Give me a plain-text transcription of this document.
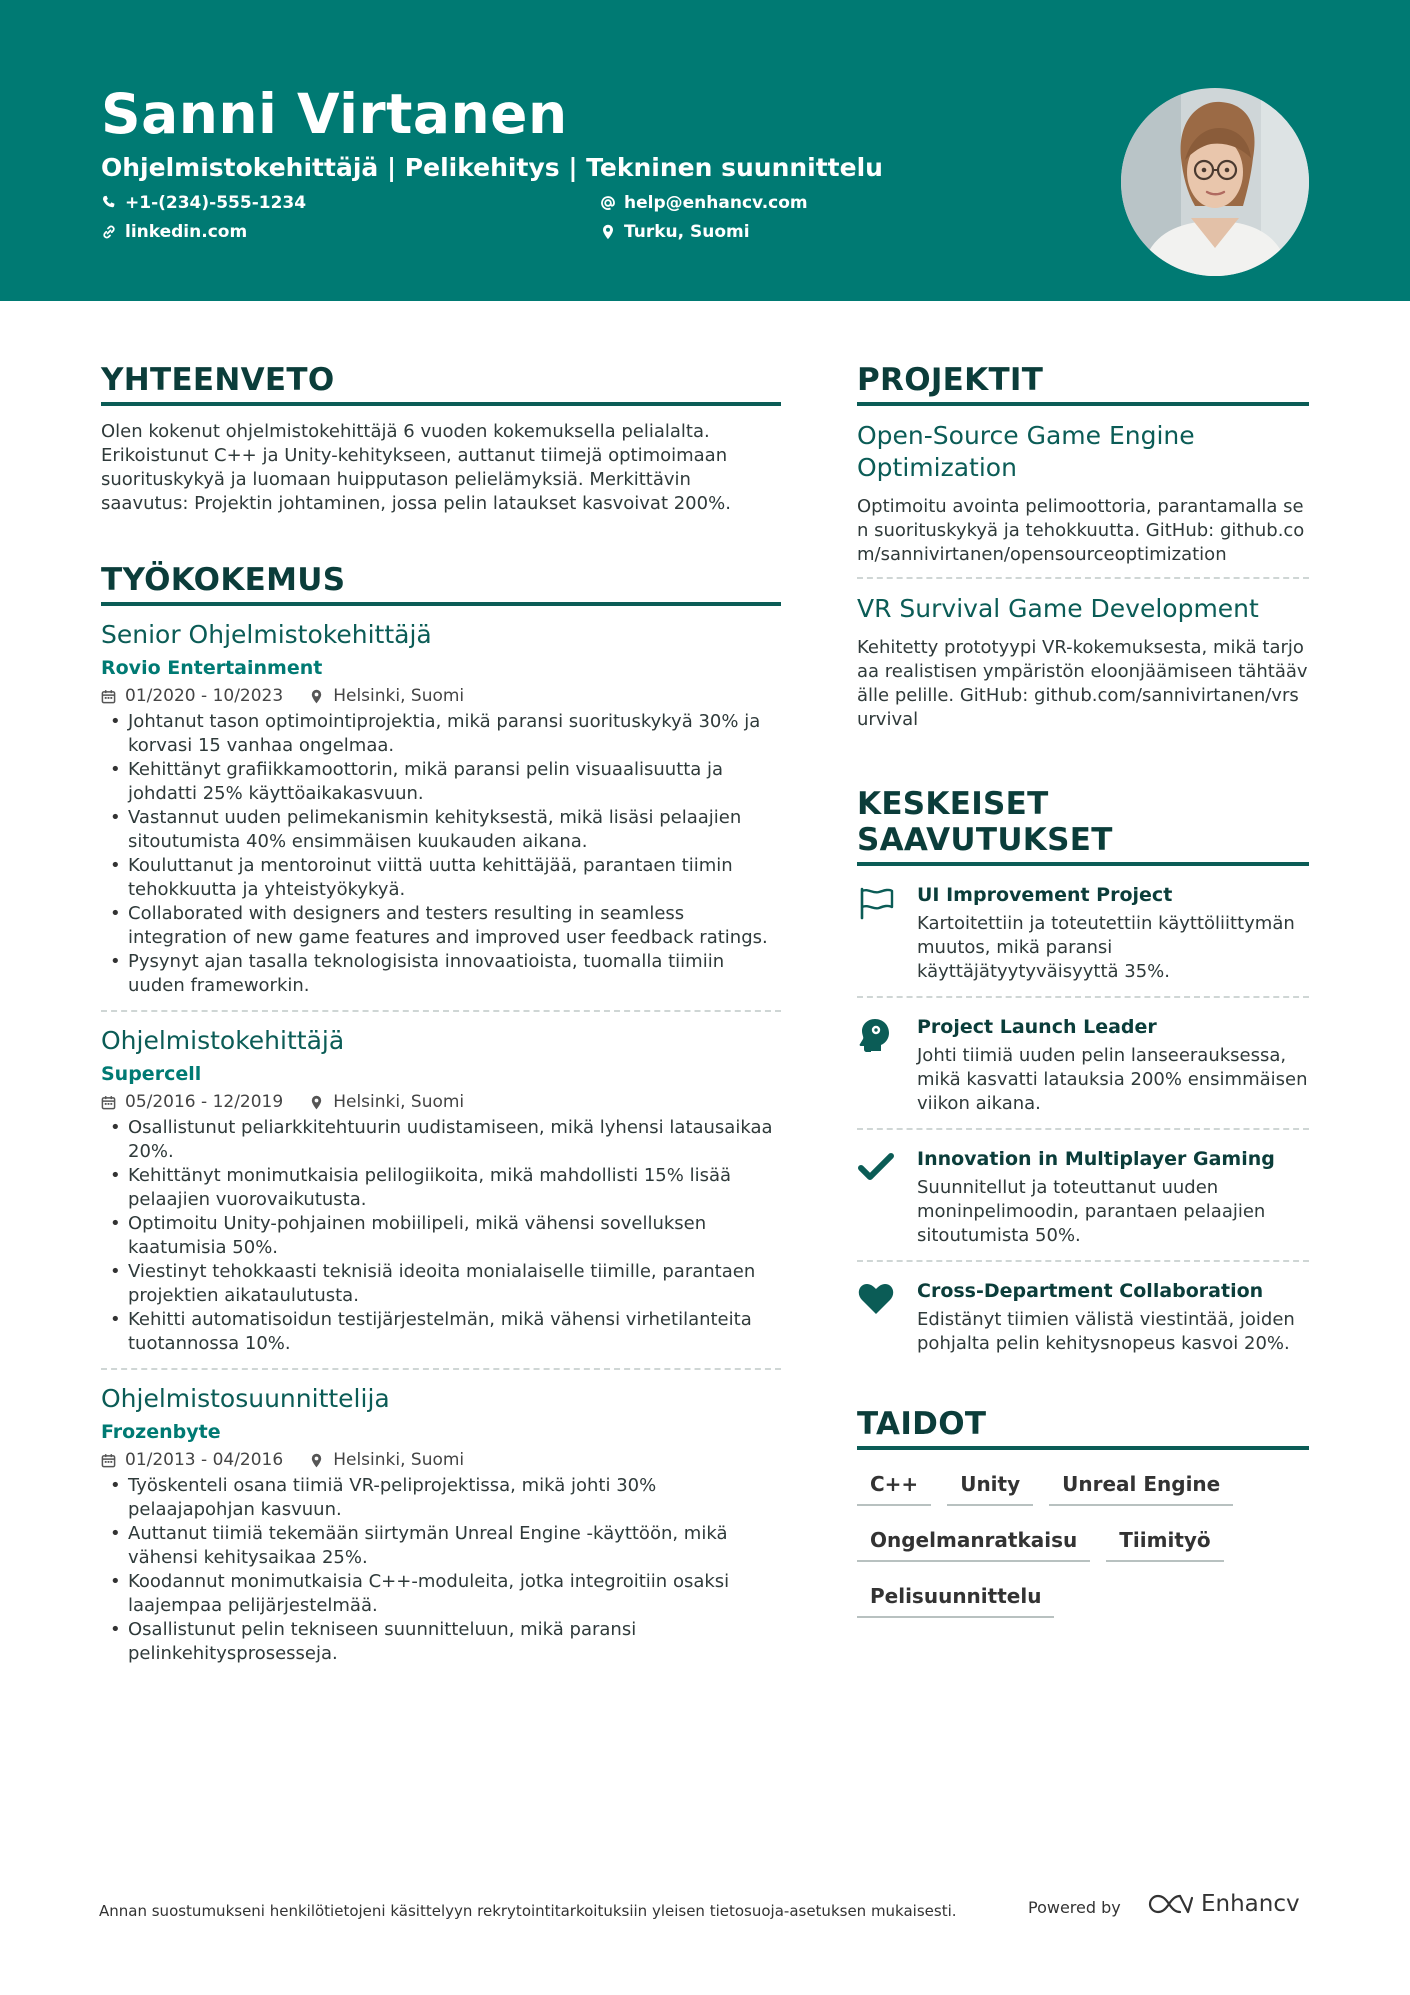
Sanni Virtanen
Ohjelmistokehittäjä | Pelikehitys | Tekninen suunnittelu
+1-(234)-555-1234	help@enhancv.com
linkedin.com	Turku, Suomi
YHTEENVETO
Olen kokenut ohjelmistokehittäjä 6 vuoden kokemuksella pelialalta. Erikoistunut C++ ja Unity-kehitykseen, auttanut tiimejä optimoimaan suorituskykyä ja luomaan huipputason pelielämyksiä. Merkittävin saavutus: Projektin johtaminen, jossa pelin lataukset kasvoivat 200%.
TYÖKOKEMUS
Senior Ohjelmistokehittäjä
Rovio Entertainment
01/2020 - 10/2023	Helsinki, Suomi
• Johtanut tason optimointiprojektia, mikä paransi suorituskykyä 30% ja korvasi 15 vanhaa ongelmaa.
• Kehittänyt grafiikkamoottorin, mikä paransi pelin visuaalisuutta ja johdatti 25% käyttöaikakasvuun.
• Vastannut uuden pelimekanismin kehityksestä, mikä lisäsi pelaajien sitoutumista 40% ensimmäisen kuukauden aikana.
• Kouluttanut ja mentoroinut viittä uutta kehittäjää, parantaen tiimin tehokkuutta ja yhteistyökykyä.
• Collaborated with designers and testers resulting in seamless integration of new game features and improved user feedback ratings.
• Pysynyt ajan tasalla teknologisista innovaatioista, tuomalla tiimiin uuden frameworkin.
Ohjelmistokehittäjä
Supercell
05/2016 - 12/2019	Helsinki, Suomi
• Osallistunut peliarkkitehtuurin uudistamiseen, mikä lyhensi latausaikaa 20%.
• Kehittänyt monimutkaisia pelilogiikoita, mikä mahdollisti 15% lisää pelaajien vuorovaikutusta.
• Optimoitu Unity-pohjainen mobiilipeli, mikä vähensi sovelluksen kaatumisia 50%.
• Viestinyt tehokkaasti teknisiä ideoita monialaiselle tiimille, parantaen projektien aikataulutusta.
• Kehitti automatisoidun testijärjestelmän, mikä vähensi virhetilanteita tuotannossa 10%.
Ohjelmistosuunnittelija
Frozenbyte
01/2013 - 04/2016	Helsinki, Suomi
• Työskenteli osana tiimiä VR-peliprojektissa, mikä johti 30% pelaajapohjan kasvuun.
• Auttanut tiimiä tekemään siirtymän Unreal Engine -käyttöön, mikä vähensi kehitysaikaa 25%.
• Koodannut monimutkaisia C++-moduleita, jotka integroitiin osaksi laajempaa pelijärjestelmää.
• Osallistunut pelin tekniseen suunnitteluun, mikä paransi pelinkehitysprosesseja.
PROJEKTIT
Open-Source Game Engine Optimization
Optimoitu avointa pelimoottoria, parantamalla sen suorituskykyä ja tehokkuutta. GitHub: github.com/sannivirtanen/opensourceoptimization
VR Survival Game Development
Kehitetty prototyypi VR-kokemuksesta, mikä tarjoaa realistisen ympäristön eloonjäämiseen tähtäävälle pelille. GitHub: github.com/sannivirtanen/vrsurvival
KESKEISET SAAVUTUKSET
UI Improvement Project
Kartoitettiin ja toteutettiin käyttöliittymän muutos, mikä paransi käyttäjätyytyväisyyttä 35%.
Project Launch Leader
Johti tiimiä uuden pelin lanseerauksessa, mikä kasvatti latauksia 200% ensimmäisen viikon aikana.
Innovation in Multiplayer Gaming
Suunnitellut ja toteuttanut uuden moninpelimoodin, parantaen pelaajien sitoutumista 50%.
Cross-Department Collaboration
Edistänyt tiimien välistä viestintää, joiden pohjalta pelin kehitysnopeus kasvoi 20%.
TAIDOT
C++	Unity	Unreal Engine
Ongelmanratkaisu	Tiimityö
Pelisuunnittelu
Annan suostumukseni henkilötietojeni käsittelyyn rekrytointitarkoituksiin yleisen tietosuoja-asetuksen mukaisesti.	Powered by	Enhancv
